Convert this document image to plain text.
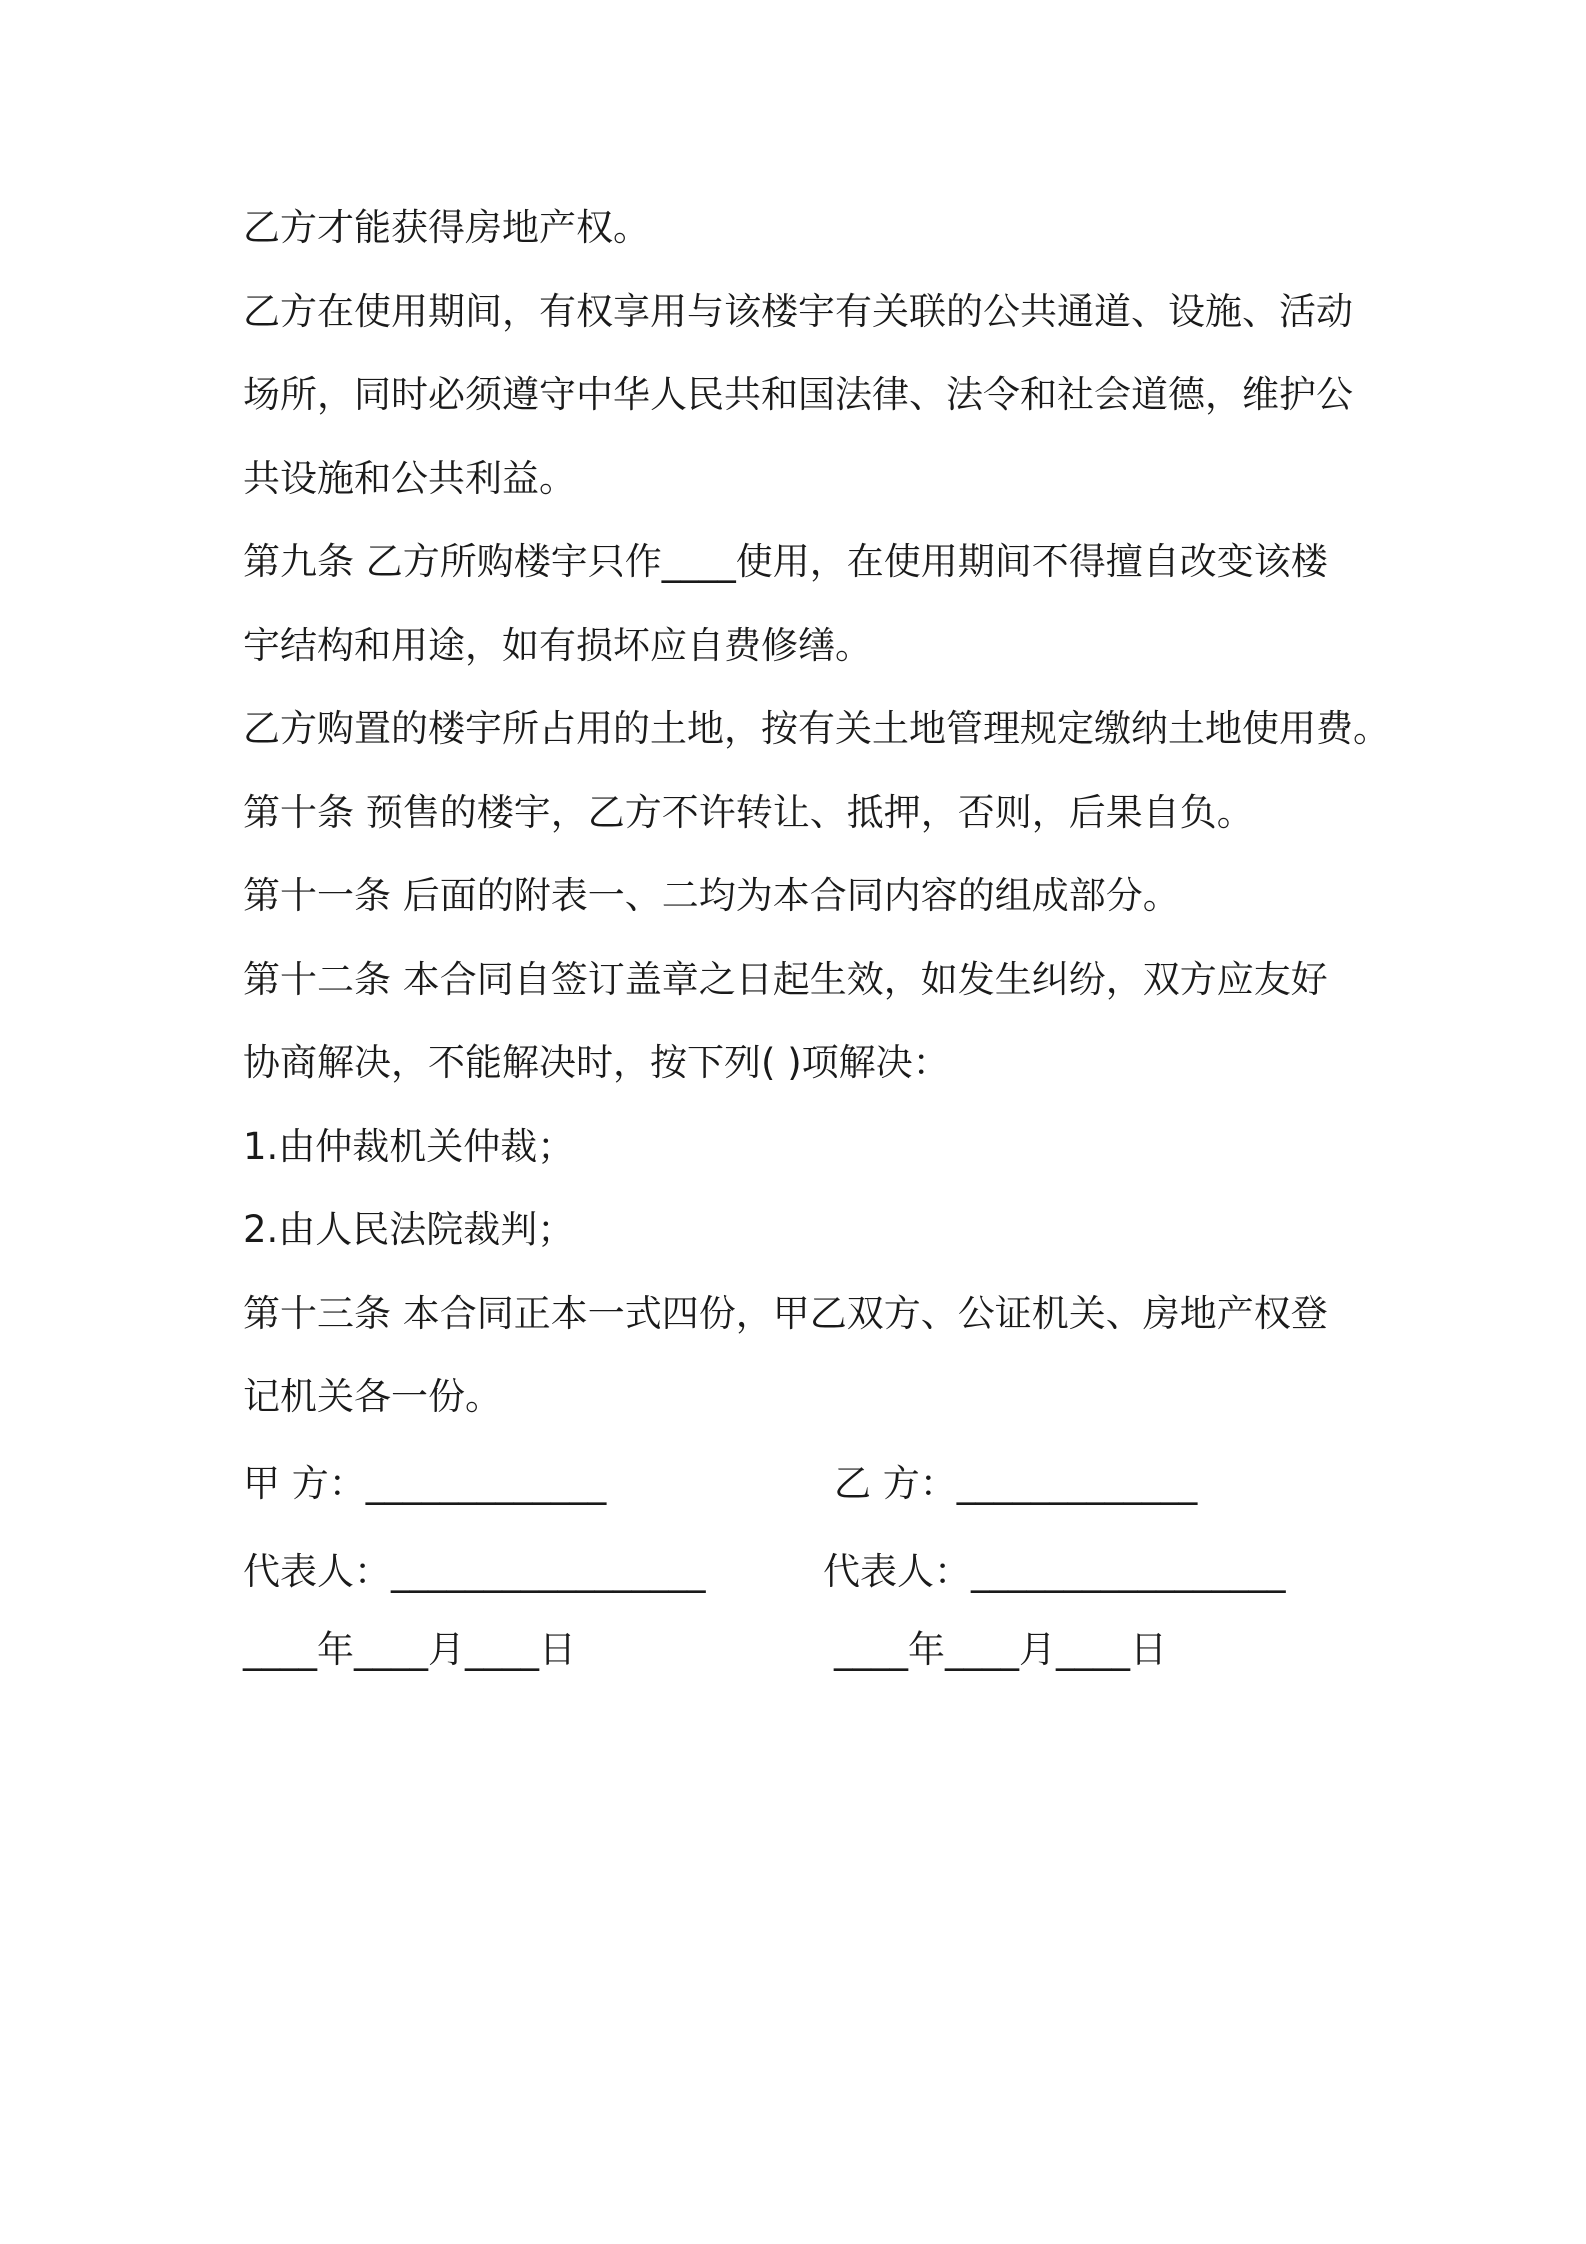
乙方才能获得房地产权。
乙方在使用期间，有权享用与该楼宇有关联的公共通道、设施、活动
场所，同时必须遵守中华人民共和国法律、法令和社会道德，维护公
共设施和公共利益。
第九条 乙方所购楼宇只作____使用，在使用期间不得擅自改变该楼
宇结构和用途，如有损坏应自费修缮。
乙方购置的楼宇所占用的土地，按有关土地管理规定缴纳土地使用费。
第十条 预售的楼宇，乙方不许转让、抵押，否则，后果自负。
第十一条 后面的附表一、二均为本合同内容的组成部分。
第十二条 本合同自签订盖章之日起生效，如发生纠纷，双方应友好
协商解决，不能解决时，按下列( )项解决：
1.由仲裁机关仲裁；
2.由人民法院裁判；
第十三条 本合同正本一式四份，甲乙双方、公证机关、房地产权登
记机关各一份。
甲 方：_____________	乙 方：_____________
代表人：_________________	代表人：_________________
____年____月____日	____年____月____日
